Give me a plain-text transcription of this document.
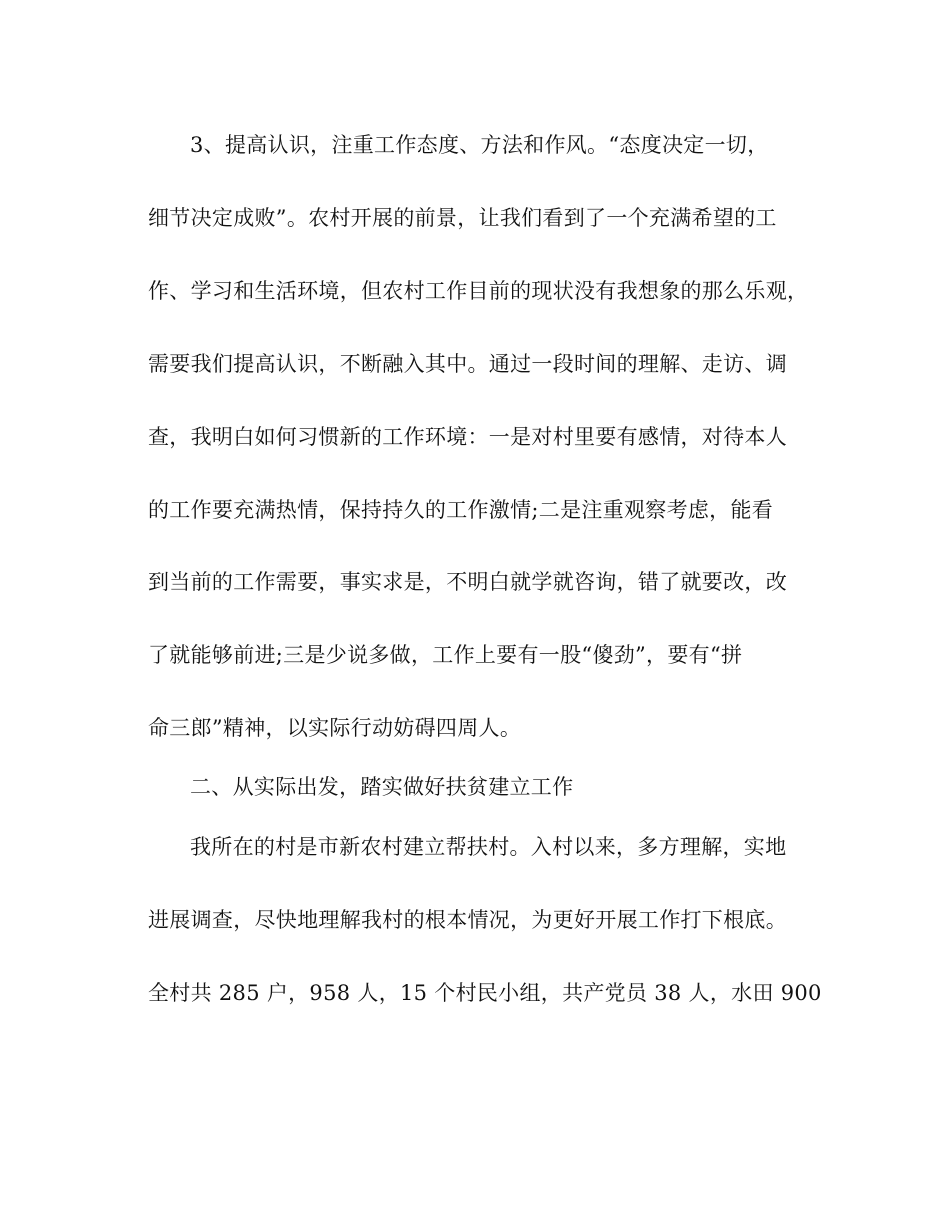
3、提高认识，注重工作态度、方法和作风。“态度决定一切，
细节决定成败”。农村开展的前景，让我们看到了一个充满希望的工
作、学习和生活环境，但农村工作目前的现状没有我想象的那么乐观，
需要我们提高认识，不断融入其中。通过一段时间的理解、走访、调
查，我明白如何习惯新的工作环境：一是对村里要有感情，对待本人
的工作要充满热情，保持持久的工作激情;二是注重观察考虑，能看
到当前的工作需要，事实求是，不明白就学就咨询，错了就要改，改
了就能够前进;三是少说多做，工作上要有一股“傻劲”，要有“拼
命三郎”精神，以实际行动妨碍四周人。
二、从实际出发，踏实做好扶贫建立工作
我所在的村是市新农村建立帮扶村。入村以来，多方理解，实地
进展调查，尽快地理解我村的根本情况，为更好开展工作打下根底。
全村共 285 户，958 人，15 个村民小组，共产党员 38 人，水田 900
